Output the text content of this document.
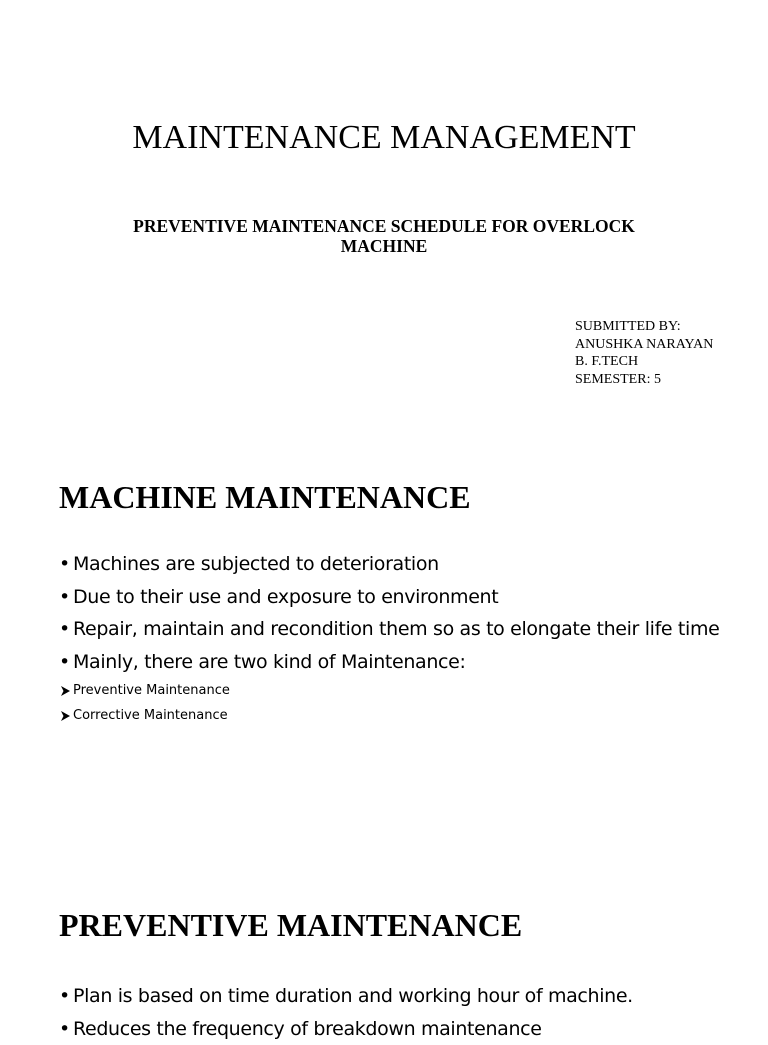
MAINTENANCE MANAGEMENT
PREVENTIVE MAINTENANCE SCHEDULE FOR OVERLOCK
MACHINE
SUBMITTED BY:
ANUSHKA NARAYAN
B. F.TECH
SEMESTER: 5
MACHINE MAINTENANCE
• Machines are subjected to deterioration
• Due to their use and exposure to environment
• Repair, maintain and recondition them so as to elongate their life time
• Mainly, there are two kind of Maintenance:
Preventive Maintenance
Corrective Maintenance
PREVENTIVE MAINTENANCE
• Plan is based on time duration and working hour of machine.
• Reduces the frequency of breakdown maintenance
